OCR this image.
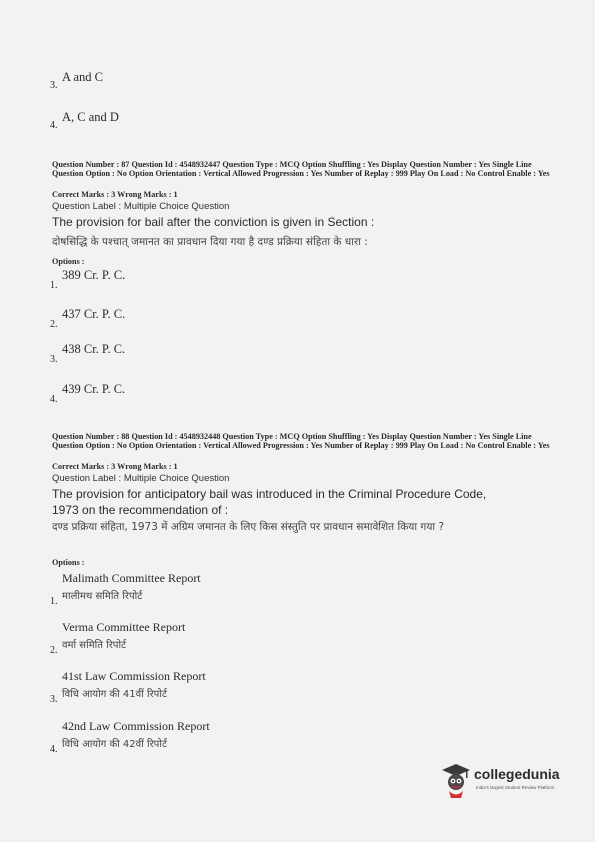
3.
A and C
4.
A, C and D
Question Number : 87 Question Id : 4548932447 Question Type : MCQ Option Shuffling : Yes Display Question Number : Yes Single Line Question Option : No Option Orientation : Vertical Allowed Progression : Yes Number of Replay : 999 Play On Load : No Control Enable : Yes
Correct Marks : 3 Wrong Marks : 1
Question Label : Multiple Choice Question
The provision for bail after the conviction is given in Section :
दोषसिद्धि के पश्चात् जमानत का प्रावधान दिया गया है दण्ड प्रक्रिया संहिता के धारा :
Options :
1.
389 Cr. P. C.
2.
437 Cr. P. C.
3.
438 Cr. P. C.
4.
439 Cr. P. C.
Question Number : 88 Question Id : 4548932448 Question Type : MCQ Option Shuffling : Yes Display Question Number : Yes Single Line Question Option : No Option Orientation : Vertical Allowed Progression : Yes Number of Replay : 999 Play On Load : No Control Enable : Yes
Correct Marks : 3 Wrong Marks : 1
Question Label : Multiple Choice Question
The provision for anticipatory bail was introduced in the Criminal Procedure Code, 1973 on the recommendation of :
दण्ड प्रक्रिया संहिता, 1973 में अग्रिम जमानत के लिए किस संस्तुति पर प्रावधान समावेशित किया गया ?
Options :
Malimath Committee Report
1. मालीमथ समिति रिपोर्ट
Verma Committee Report
2. वर्मा समिति रिपोर्ट
41st Law Commission Report
3. विधि आयोग की 41वीं रिपोर्ट
42nd Law Commission Report
4. विधि आयोग की 42वीं रिपोर्ट
collegedunia
India's largest Student Review Platform
